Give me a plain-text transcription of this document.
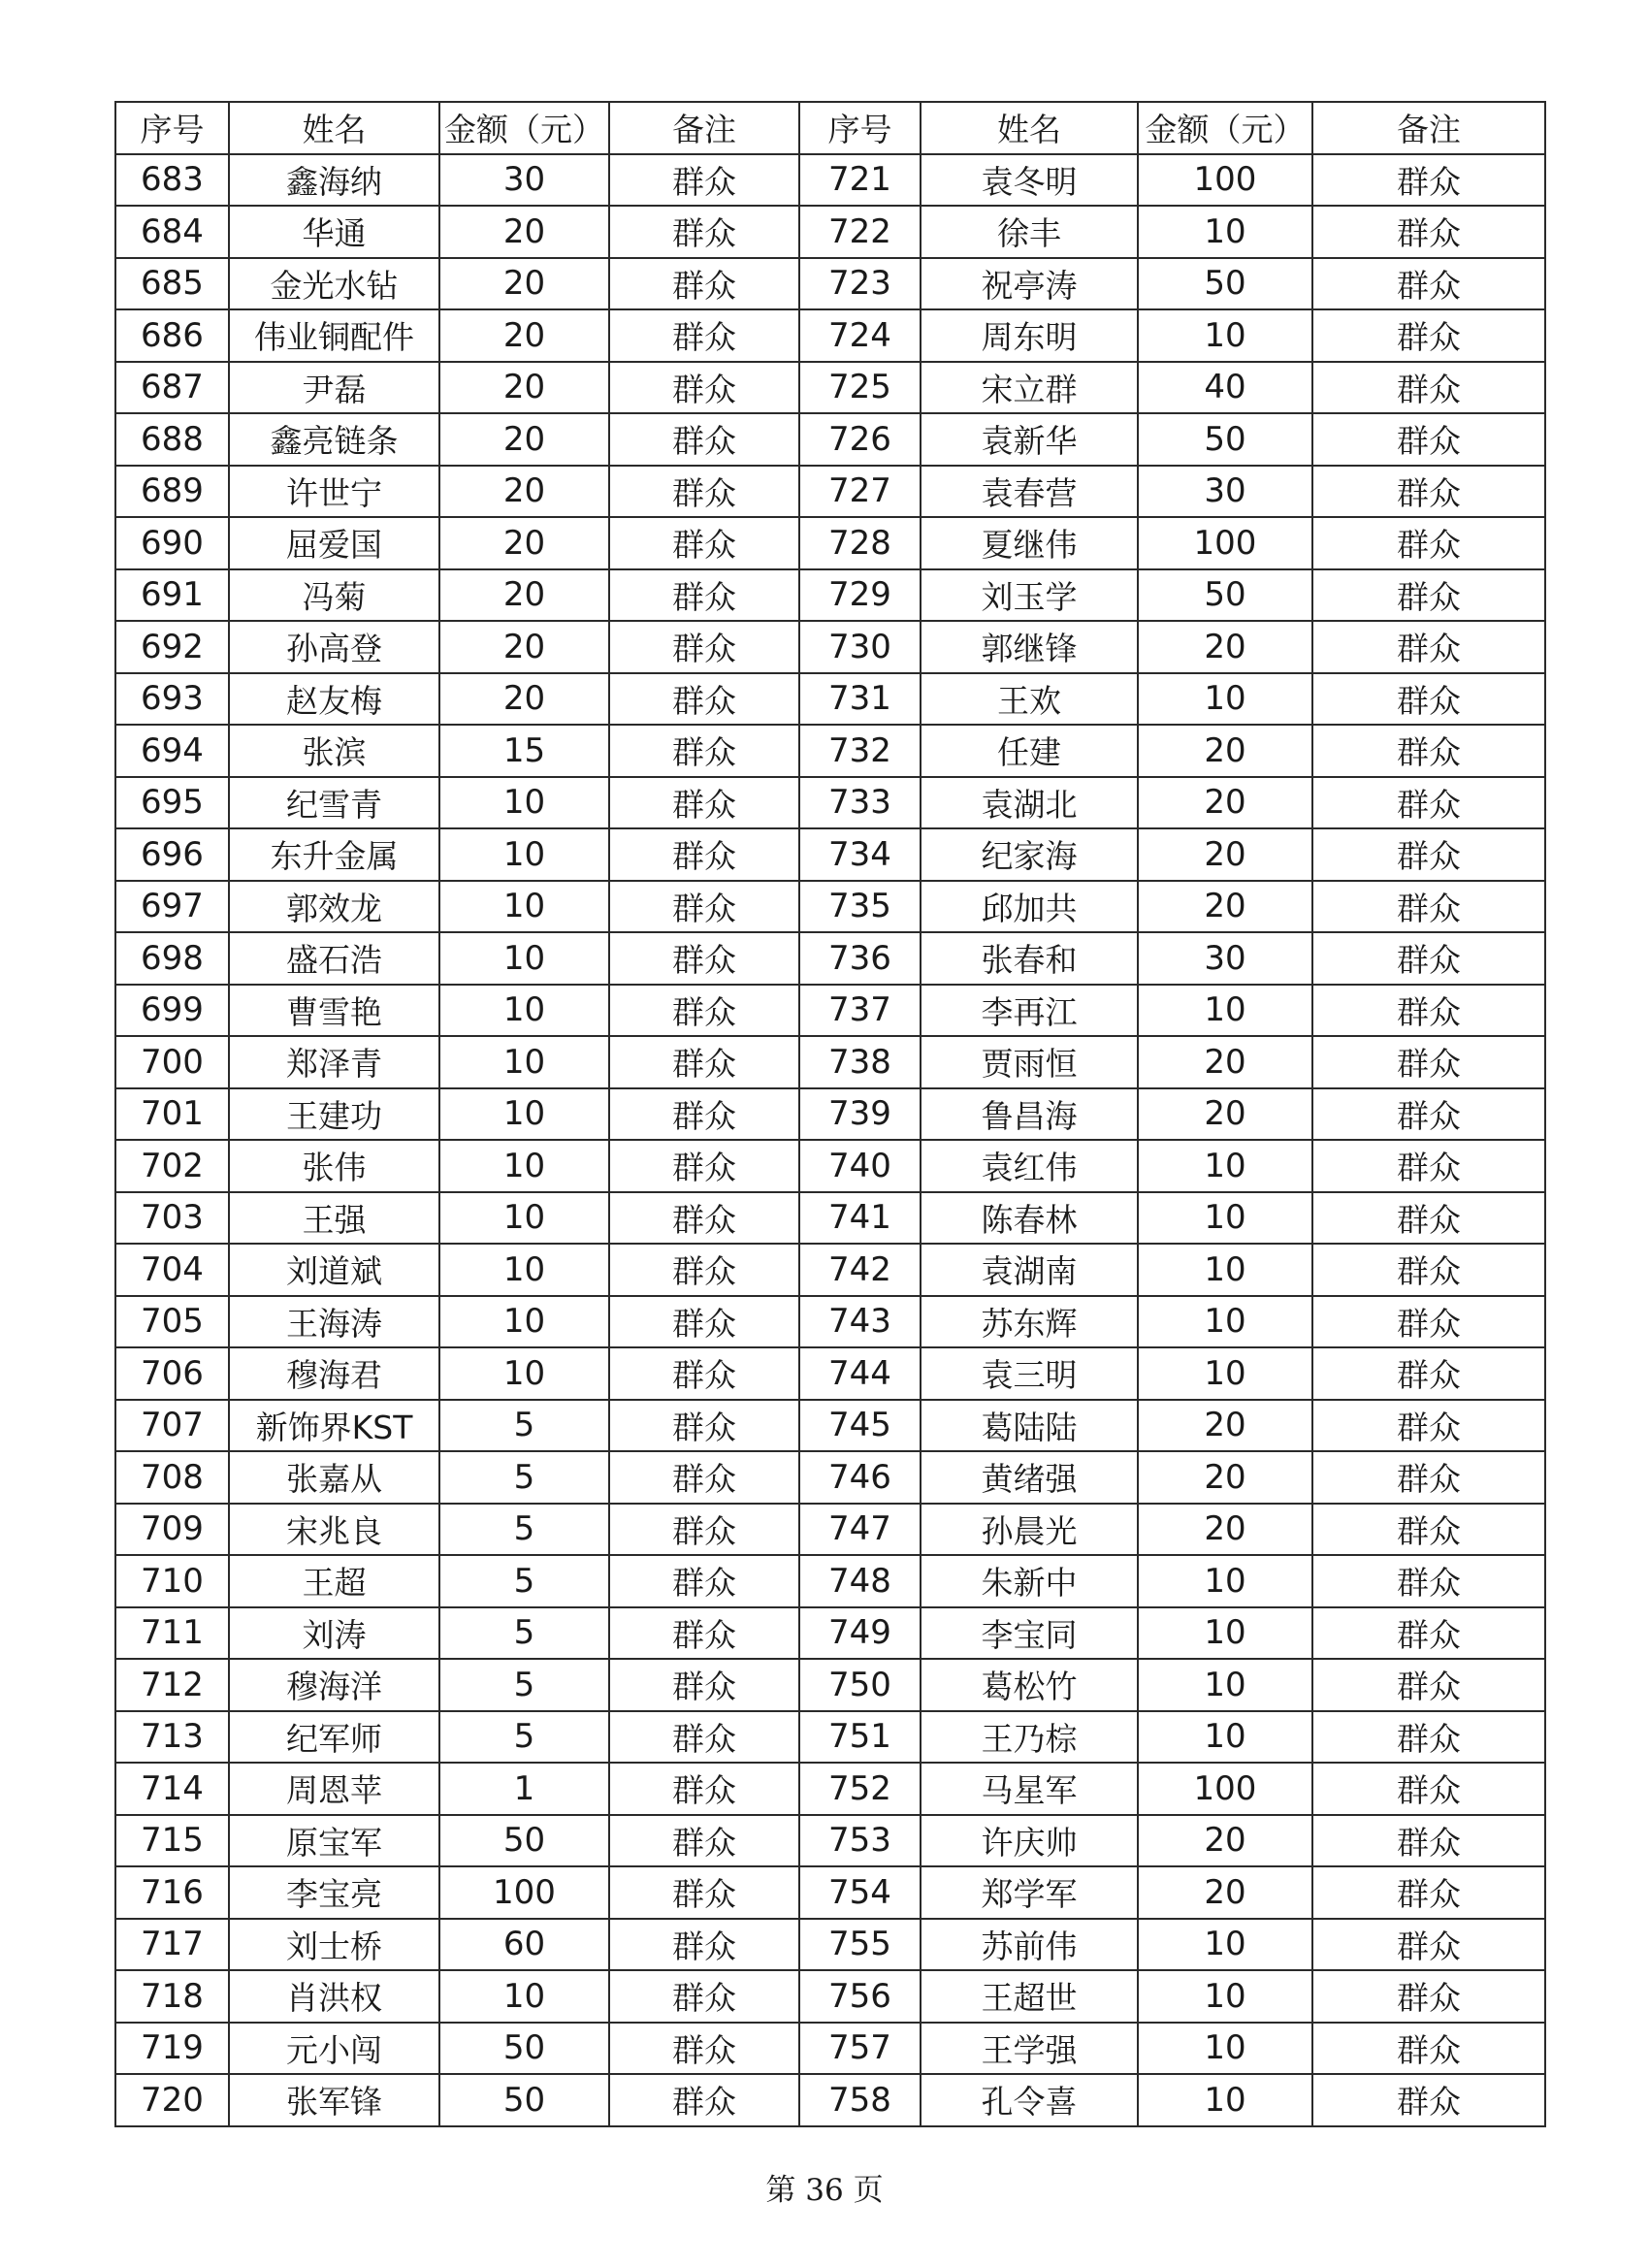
序号	姓名	金额（元）	备注	序号	姓名	金额（元）	备注
683	鑫海纳	30	群众	721	袁冬明	100	群众
684	华通	20	群众	722	徐丰	10	群众
685	金光水钻	20	群众	723	祝亭涛	50	群众
686	伟业铜配件	20	群众	724	周东明	10	群众
687	尹磊	20	群众	725	宋立群	40	群众
688	鑫亮链条	20	群众	726	袁新华	50	群众
689	许世宁	20	群众	727	袁春营	30	群众
690	屈爱国	20	群众	728	夏继伟	100	群众
691	冯菊	20	群众	729	刘玉学	50	群众
692	孙高登	20	群众	730	郭继锋	20	群众
693	赵友梅	20	群众	731	王欢	10	群众
694	张滨	15	群众	732	任建	20	群众
695	纪雪青	10	群众	733	袁湖北	20	群众
696	东升金属	10	群众	734	纪家海	20	群众
697	郭效龙	10	群众	735	邱加共	20	群众
698	盛石浩	10	群众	736	张春和	30	群众
699	曹雪艳	10	群众	737	李再江	10	群众
700	郑泽青	10	群众	738	贾雨恒	20	群众
701	王建功	10	群众	739	鲁昌海	20	群众
702	张伟	10	群众	740	袁红伟	10	群众
703	王强	10	群众	741	陈春林	10	群众
704	刘道斌	10	群众	742	袁湖南	10	群众
705	王海涛	10	群众	743	苏东辉	10	群众
706	穆海君	10	群众	744	袁三明	10	群众
707	新饰界KST	5	群众	745	葛陆陆	20	群众
708	张嘉从	5	群众	746	黄绪强	20	群众
709	宋兆良	5	群众	747	孙晨光	20	群众
710	王超	5	群众	748	朱新中	10	群众
711	刘涛	5	群众	749	李宝同	10	群众
712	穆海洋	5	群众	750	葛松竹	10	群众
713	纪军师	5	群众	751	王乃棕	10	群众
714	周恩苹	1	群众	752	马星军	100	群众
715	原宝军	50	群众	753	许庆帅	20	群众
716	李宝亮	100	群众	754	郑学军	20	群众
717	刘士桥	60	群众	755	苏前伟	10	群众
718	肖洪权	10	群众	756	王超世	10	群众
719	元小闯	50	群众	757	王学强	10	群众
720	张军锋	50	群众	758	孔令喜	10	群众
第 36 页
